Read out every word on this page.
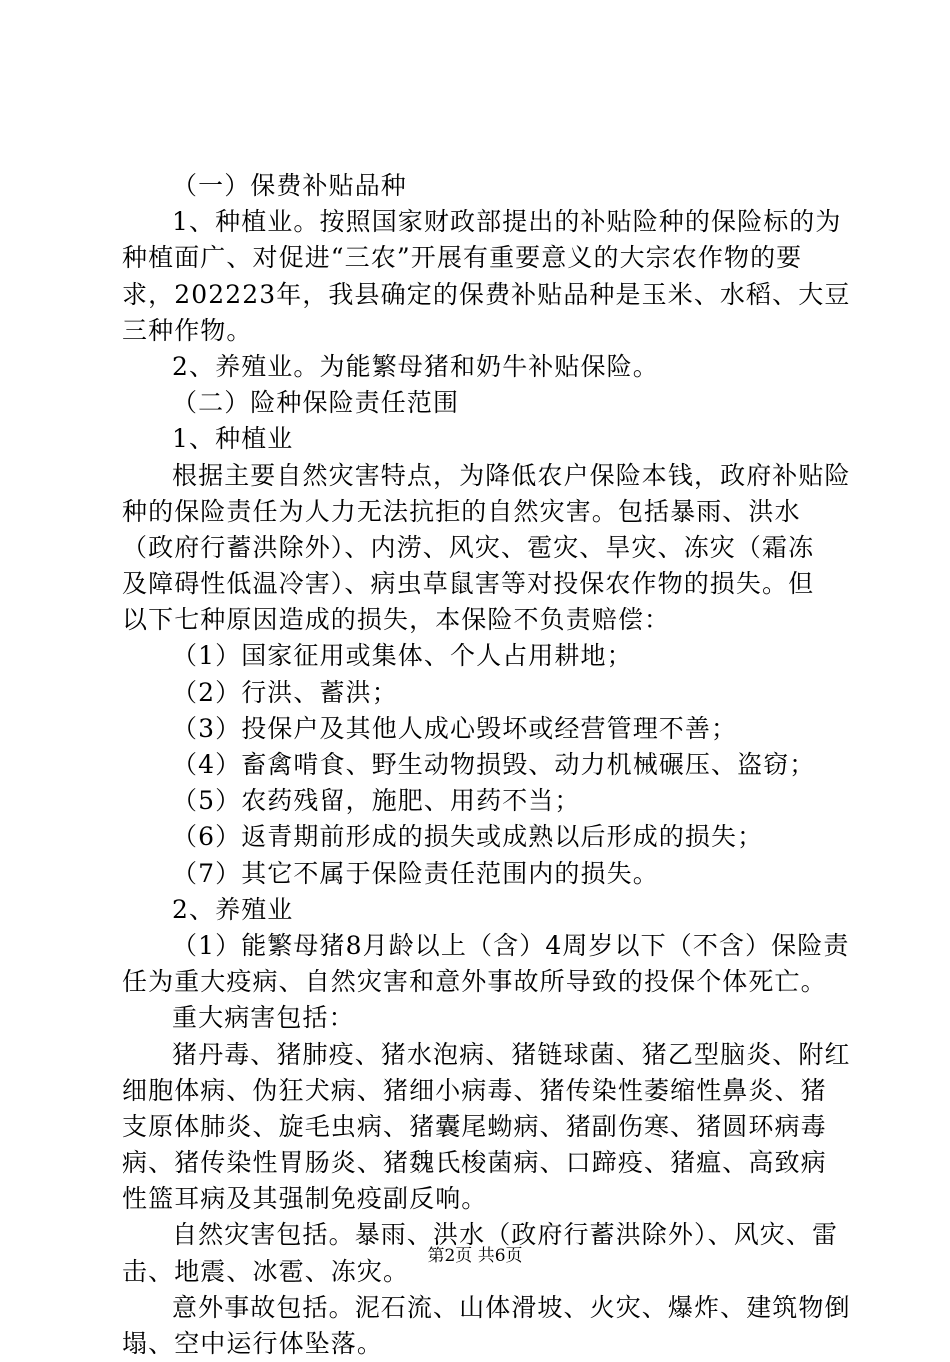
（一）保费补贴品种
1、种植业。按照国家财政部提出的补贴险种的保险标的为
种植面广、对促进“三农”开展有重要意义的大宗农作物的要
求，202223年，我县确定的保费补贴品种是玉米、水稻、大豆
三种作物。
2、养殖业。为能繁母猪和奶牛补贴保险。
（二）险种保险责任范围
1、种植业
根据主要自然灾害特点，为降低农户保险本钱，政府补贴险
种的保险责任为人力无法抗拒的自然灾害。包括暴雨、洪水
（政府行蓄洪除外）、内涝、风灾、雹灾、旱灾、冻灾（霜冻
及障碍性低温冷害）、病虫草鼠害等对投保农作物的损失。但
以下七种原因造成的损失，本保险不负责赔偿：
（1）国家征用或集体、个人占用耕地；
（2）行洪、蓄洪；
（3）投保户及其他人成心毁坏或经营管理不善；
（4）畜禽啃食、野生动物损毁、动力机械碾压、盗窃；
（5）农药残留，施肥、用药不当；
（6）返青期前形成的损失或成熟以后形成的损失；
（7）其它不属于保险责任范围内的损失。
2、养殖业
（1）能繁母猪8月龄以上（含）4周岁以下（不含）保险责
任为重大疫病、自然灾害和意外事故所导致的投保个体死亡。
重大病害包括：
猪丹毒、猪肺疫、猪水泡病、猪链球菌、猪乙型脑炎、附红
细胞体病、伪狂犬病、猪细小病毒、猪传染性萎缩性鼻炎、猪
支原体肺炎、旋毛虫病、猪囊尾蚴病、猪副伤寒、猪圆环病毒
病、猪传染性胃肠炎、猪魏氏梭菌病、口蹄疫、猪瘟、高致病
性篮耳病及其强制免疫副反响。
自然灾害包括。暴雨、洪水（政府行蓄洪除外）、风灾、雷
击、地震、冰雹、冻灾。
意外事故包括。泥石流、山体滑坡、火灾、爆炸、建筑物倒
塌、空中运行体坠落。
第2页 共6页
